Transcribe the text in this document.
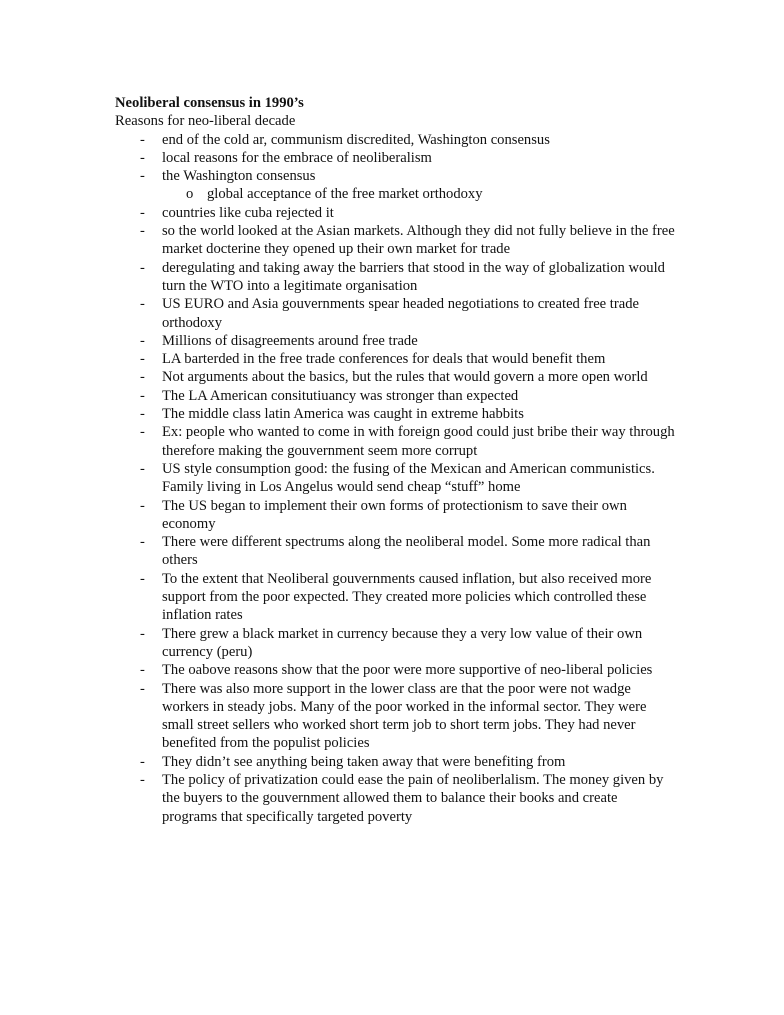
Neoliberal consensus in 1990’s

Reasons for neo-liberal decade

- end of the cold ar, communism discredited, Washington consensus
- local reasons for the embrace of neoliberalism
- the Washington consensus
o global acceptance of the free market orthodoxy
- countries like cuba rejected it
- so the world looked at the Asian markets. Although they did not fully believe in the free market docterine they opened up their own market for trade
- deregulating and taking away the barriers that stood in the way of globalization would turn the WTO into a legitimate organisation
- US EURO and Asia gouvernments spear headed negotiations to created free trade orthodoxy
- Millions of disagreements around free trade
- LA barterded in the free trade conferences for deals that would benefit them
- Not arguments about the basics, but the rules that would govern a more open world
- The LA American consitutiuancy was stronger than expected
- The middle class latin America was caught in extreme habbits
- Ex: people who wanted to come in with foreign good could just bribe their way through therefore making the gouvernment seem more corrupt
- US style consumption good: the fusing of the Mexican and American communistics. Family living in Los Angelus would send cheap “stuff” home
- The US began to implement their own forms of protectionism to save their own economy
- There were different spectrums along the neoliberal model. Some more radical than others
- To the extent that Neoliberal gouvernments caused inflation, but also received more support from the poor expected. They created more policies which controlled these inflation rates
- There grew a black market in currency because they a very low value of their own currency (peru)
- The oabove reasons show that the poor were more supportive of neo-liberal policies
- There was also more support in the lower class are that the poor were not wadge workers in steady jobs. Many of the poor worked in the informal sector. They were small street sellers who worked short term job to short term jobs. They had never benefited from the populist policies
- They didn’t see anything being taken away that were benefiting from
- The policy of privatization could ease the pain of neoliberlalism. The money given by the buyers to the gouvernment allowed them to balance their books and create programs that specifically targeted poverty
